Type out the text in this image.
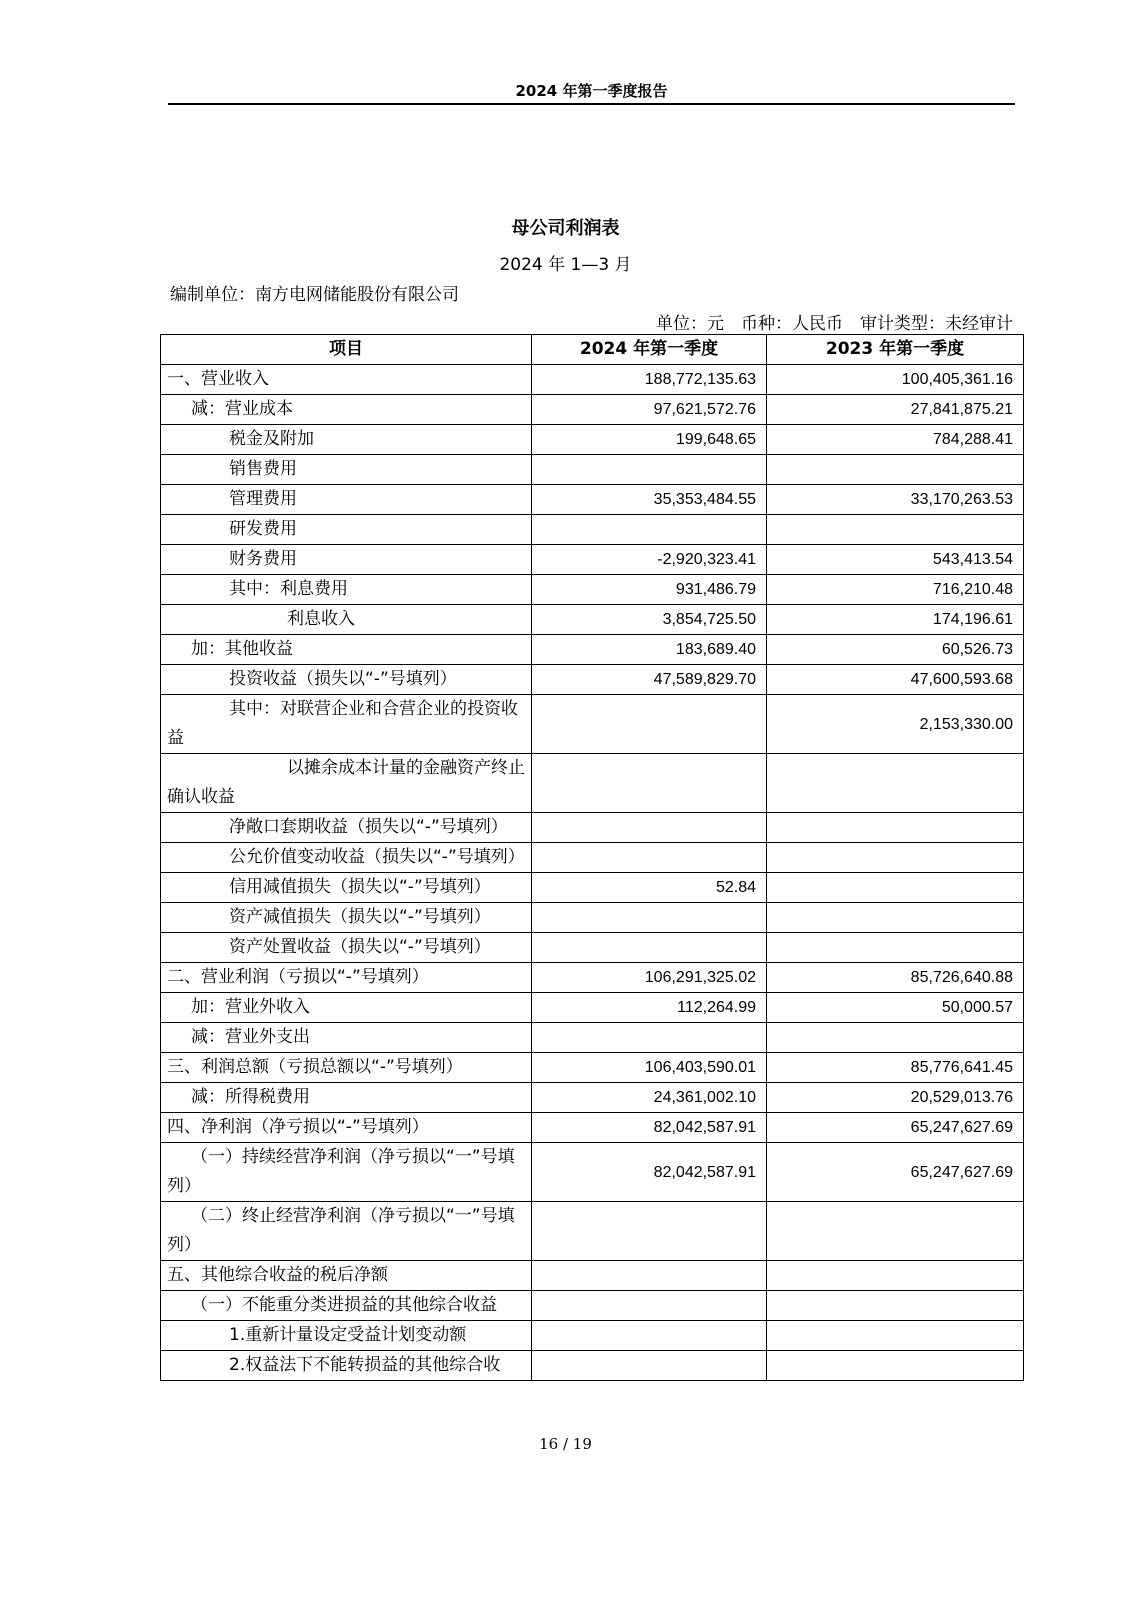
2024 年第一季度报告
母公司利润表
2024 年 1—3 月
编制单位：南方电网储能股份有限公司
单位：元　币种：人民币　审计类型：未经审计
项目	2024 年第一季度	2023 年第一季度
一、营业收入	188,772,135.63	100,405,361.16
减：营业成本	97,621,572.76	27,841,875.21
税金及附加	199,648.65	784,288.41
销售费用		
管理费用	35,353,484.55	33,170,263.53
研发费用		
财务费用	-2,920,323.41	543,413.54
其中：利息费用	931,486.79	716,210.48
利息收入	3,854,725.50	174,196.61
加：其他收益	183,689.40	60,526.73
投资收益（损失以“-”号填列）	47,589,829.70	47,600,593.68
其中：对联营企业和合营企业的投资收益		2,153,330.00
以摊余成本计量的金融资产终止确认收益		
净敞口套期收益（损失以“-”号填列）		
公允价值变动收益（损失以“-”号填列）		
信用减值损失（损失以“-”号填列）	52.84	
资产减值损失（损失以“-”号填列）		
资产处置收益（损失以“-”号填列）		
二、营业利润（亏损以“-”号填列）	106,291,325.02	85,726,640.88
加：营业外收入	112,264.99	50,000.57
减：营业外支出		
三、利润总额（亏损总额以“-”号填列）	106,403,590.01	85,776,641.45
减：所得税费用	24,361,002.10	20,529,013.76
四、净利润（净亏损以“-”号填列）	82,042,587.91	65,247,627.69
（一）持续经营净利润（净亏损以“一”号填列）	82,042,587.91	65,247,627.69
（二）终止经营净利润（净亏损以“一”号填列）		
五、其他综合收益的税后净额		
（一）不能重分类进损益的其他综合收益		
1.重新计量设定受益计划变动额		
2.权益法下不能转损益的其他综合收		
16 / 19
